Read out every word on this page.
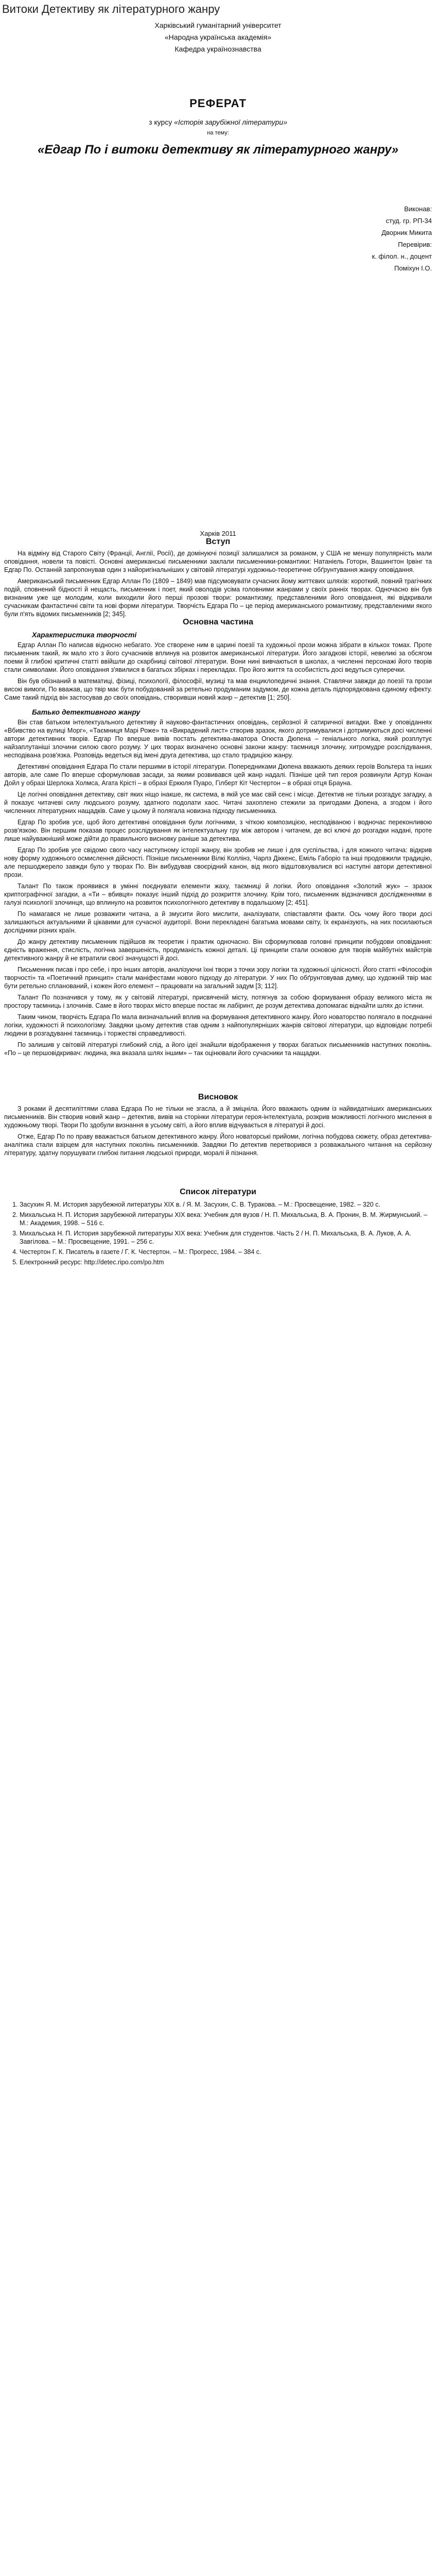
Витоки Детективу як літературного жанру
Харківський гуманітарний університет
«Народна українська академія»
Кафедра українознавства
РЕФЕРАТ
з курсу «Історія зарубіжної літератури»
на тему:
«Едгар По і витоки детективу як літературного жанру»
Виконав:
студ. гр. РП-34
Дворник Микита
Перевірив:
к. філол. н., доцент
Поміхун І.О.
Харків 2011
Вступ

На відміну від Старого Світу (Франції, Англії, Росії), де домінуючі позиції залишалися за романом, у США не меншу популярність мали оповідання, новели та повісті. Основні американські письменники заклали письменники-романтики: Натаніель Готорн, Вашингтон Ірвінг та Едгар По. Останній запропонував один з найоригінальніших у світовій літературі художньо-теоретичне обґрунтування жанру оповідання.

Американський письменник Едгар Аллан По (1809 – 1849) мав підсумовувати сучасних йому життєвих шляхів: короткий, повний трагічних подій, сповнений бідності й нещасть, письменник і поет, який оволодів усіма головними жанрами у своїх ранніх творах. Одночасно він був визнаним уже ще молодим, коли виходили його перші прозові твори: романтизму, представленими його оповідання, які відкривали сучасникам фантастичні світи та нові форми літератури. Творчість Едгара По – це період американського романтизму, представленими якого були п'ять відомих письменників [2; 345].

Основна частина
Характеристика творчості

Едгар Аллан По написав відносно небагато. Усе створене ним в царині поезії та художньої прози можна зібрати в кількох томах. Проте письменник такий, як мало хто з його сучасників вплинув на розвиток американської літератури. Його загадкові історії, невеликі за обсягом поеми й глибокі критичні статті ввійшли до скарбниці світової літератури. Вони нині вивчаються в школах, а численні персонажі його творів стали символами. Його оповідання з'явилися в багатьох збірках і перекладах. Про його життя та особистість досі ведуться суперечки.

Він був обізнаний в математиці, фізиці, психології, філософії, музиці та мав енциклопедичні знання. Ставлячи завжди до поезії та прози високі вимоги, По вважав, що твір має бути побудований за ретельно продуманим задумом, де кожна деталь підпорядкована єдиному ефекту. Саме такий підхід він застосував до своїх оповідань, створивши новий жанр – детектив [1; 250].

Батько детективного жанру

Він став батьком інтелектуального детективу й науково-фантастичних оповідань, серйозної й сатиричної вигадки. Вже у оповіданнях «Вбивство на вулиці Морг», «Таємниця Марі Роже» та «Викрадений лист» створив зразок, якого дотримувалися і дотримуються досі численні автори детективних творів. Едгар По вперше вивів постать детектива-аматора Огюста Дюпена – геніального логіка, який розплутує найзаплутаніші злочини силою свого розуму. У цих творах визначено основні закони жанру: таємниця злочину, хитромудре розслідування, несподівана розв'язка. Розповідь ведеться від імені друга детектива, що стало традицією жанру.

Детективні оповідання Едгара По стали першими в історії літератури. Попередниками Дюпена вважають деяких героїв Вольтера та інших авторів, але саме По вперше сформулював засади, за якими розвивався цей жанр надалі. Пізніше цей тип героя розвинули Артур Конан Дойл у образі Шерлока Холмса, Агата Крісті – в образі Еркюля Пуаро, Гілберт Кіт Честертон – в образі отця Брауна.

Це логічні оповідання детективу, світ яких ніщо інакше, як система, в якій усе має свій сенс і місце. Детектив не тільки розгадує загадку, а й показує читачеві силу людського розуму, здатного подолати хаос. Читачі захоплено стежили за пригодами Дюпена, а згодом і його численних літературних нащадків. Саме у цьому й полягала новизна підходу письменника.

Едгар По зробив усе, щоб його детективні оповідання були логічними, з чіткою композицією, несподіваною і водночас переконливою розв'язкою. Він першим показав процес розслідування як інтелектуальну гру між автором і читачем, де всі ключі до розгадки надані, проте лише найуважніший може дійти до правильного висновку раніше за детектива.

Едгар По зробив усе свідомо свого часу наступному історії жанру, він зробив не лише і для суспільства, і для кожного читача: відкрив нову форму художнього осмислення дійсності. Пізніше письменники Вілкі Коллінз, Чарлз Діккенс, Еміль Габоріо та інші продовжили традицію, але першоджерело завжди було у творах По. Він вибудував своєрідний канон, від якого відштовхувалися всі наступні автори детективної прози.

Талант По також проявився в умінні поєднувати елементи жаху, таємниці й логіки. Його оповідання «Золотий жук» – зразок криптографічної загадки, а «Ти – вбивця» показує інший підхід до розкриття злочину. Крім того, письменник відзначився дослідженнями в галузі психології злочинця, що вплинуло на розвиток психологічного детективу в подальшому [2; 451].

По намагався не лише розважити читача, а й змусити його мислити, аналізувати, співставляти факти. Ось чому його твори досі залишаються актуальними й цікавими для сучасної аудиторії. Вони перекладені багатьма мовами світу, їх екранізують, на них посилаються дослідники різних країн.

До жанру детективу письменник підійшов як теоретик і практик одночасно. Він сформулював головні принципи побудови оповідання: єдність враження, стислість, логічна завершеність, продуманість кожної деталі. Ці принципи стали основою для творів майбутніх майстрів детективного жанру й не втратили своєї значущості й досі.

Письменник писав і про себе, і про інших авторів, аналізуючи їхні твори з точки зору логіки та художньої цілісності. Його статті «Філософія творчості» та «Поетичний принцип» стали маніфестами нового підходу до літератури. У них По обґрунтовував думку, що художній твір має бути ретельно спланований, і кожен його елемент – працювати на загальний задум [3; 112].

Талант По позначився у тому, як у світовій літературі, присвяченій місту, потягнув за собою формування образу великого міста як простору таємниць і злочинів. Саме в його творах місто вперше постає як лабіринт, де розум детектива допомагає віднайти шлях до істини.

Таким чином, творчість Едгара По мала визначальний вплив на формування детективного жанру. Його новаторство полягало в поєднанні логіки, художності й психологізму. Завдяки цьому детектив став одним з найпопулярніших жанрів світової літератури, що відповідає потребі людини в розгадуванні таємниць і торжестві справедливості.

По залишив у світовій літературі глибокий слід, а його ідеї знайшли відображення у творах багатьох письменників наступних поколінь. «По – це першовідкривач: людина, яка вказала шлях іншим» – так оцінювали його сучасники та нащадки.

Висновок

З роками й десятиліттями слава Едгара По не тільки не згасла, а й зміцніла. Його вважають одним із найвидатніших американських письменників. Він створив новий жанр – детектив, вивів на сторінки літератури героя-інтелектуала, розкрив можливості логічного мислення в художньому творі. Твори По здобули визнання в усьому світі, а його вплив відчувається в літературі й досі.

Отже, Едгар По по праву вважається батьком детективного жанру. Його новаторські прийоми, логічна побудова сюжету, образ детектива-аналітика стали взірцем для наступних поколінь письменників. Завдяки По детектив перетворився з розважального читання на серйозну літературу, здатну порушувати глибокі питання людської природи, моралі й пізнання.

Список літератури
1. Засухин Я. М. История зарубежной литературы XIX в. / Я. М. Засухин, С. В. Туракова. – М.: Просвещение, 1982. – 320 с.
2. Михальська Н. П. История зарубежной литературы XIX века: Учебник для вузов / Н. П. Михальська, В. А. Пронин, В. М. Жирмунський. – М.: Академия, 1998. – 516 с.
3. Михальська Н. П. История зарубежной литературы XIX века: Учебник для студентов. Часть 2 / Н. П. Михальська, В. А. Луков, А. А. Завгілова. – М.: Просвещение, 1991. – 256 с.
4. Честертон Г. К. Писатель в газете / Г. К. Честертон. – М.: Прогресс, 1984. – 384 с.
5. Електронний ресурс: http://detec.ripo.com/po.htm
